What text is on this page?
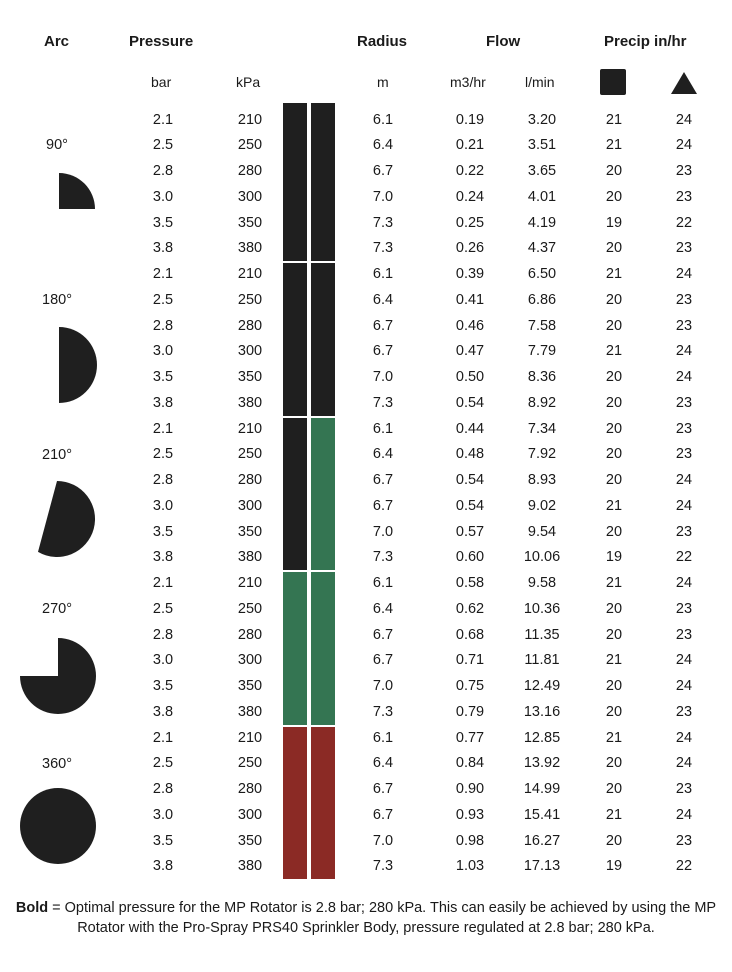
Arc	Pressure	Radius	Flow	Precip in/hr
bar	kPa	m	m3/hr	l/min
90°
2.1	210	6.1	0.19	3.20	21	24
2.5	250	6.4	0.21	3.51	21	24
2.8	280	6.7	0.22	3.65	20	23
3.0	300	7.0	0.24	4.01	20	23
3.5	350	7.3	0.25	4.19	19	22
3.8	380	7.3	0.26	4.37	20	23
180°
2.1	210	6.1	0.39	6.50	21	24
2.5	250	6.4	0.41	6.86	20	23
2.8	280	6.7	0.46	7.58	20	23
3.0	300	6.7	0.47	7.79	21	24
3.5	350	7.0	0.50	8.36	20	24
3.8	380	7.3	0.54	8.92	20	23
210°
2.1	210	6.1	0.44	7.34	20	23
2.5	250	6.4	0.48	7.92	20	23
2.8	280	6.7	0.54	8.93	20	24
3.0	300	6.7	0.54	9.02	21	24
3.5	350	7.0	0.57	9.54	20	23
3.8	380	7.3	0.60	10.06	19	22
270°
2.1	210	6.1	0.58	9.58	21	24
2.5	250	6.4	0.62	10.36	20	23
2.8	280	6.7	0.68	11.35	20	23
3.0	300	6.7	0.71	11.81	21	24
3.5	350	7.0	0.75	12.49	20	24
3.8	380	7.3	0.79	13.16	20	23
360°
2.1	210	6.1	0.77	12.85	21	24
2.5	250	6.4	0.84	13.92	20	24
2.8	280	6.7	0.90	14.99	20	23
3.0	300	6.7	0.93	15.41	21	24
3.5	350	7.0	0.98	16.27	20	23
3.8	380	7.3	1.03	17.13	19	22
Bold = Optimal pressure for the MP Rotator is 2.8 bar; 280 kPa. This can easily be achieved by using the MP Rotator with the Pro-Spray PRS40 Sprinkler Body, pressure regulated at 2.8 bar; 280 kPa.
